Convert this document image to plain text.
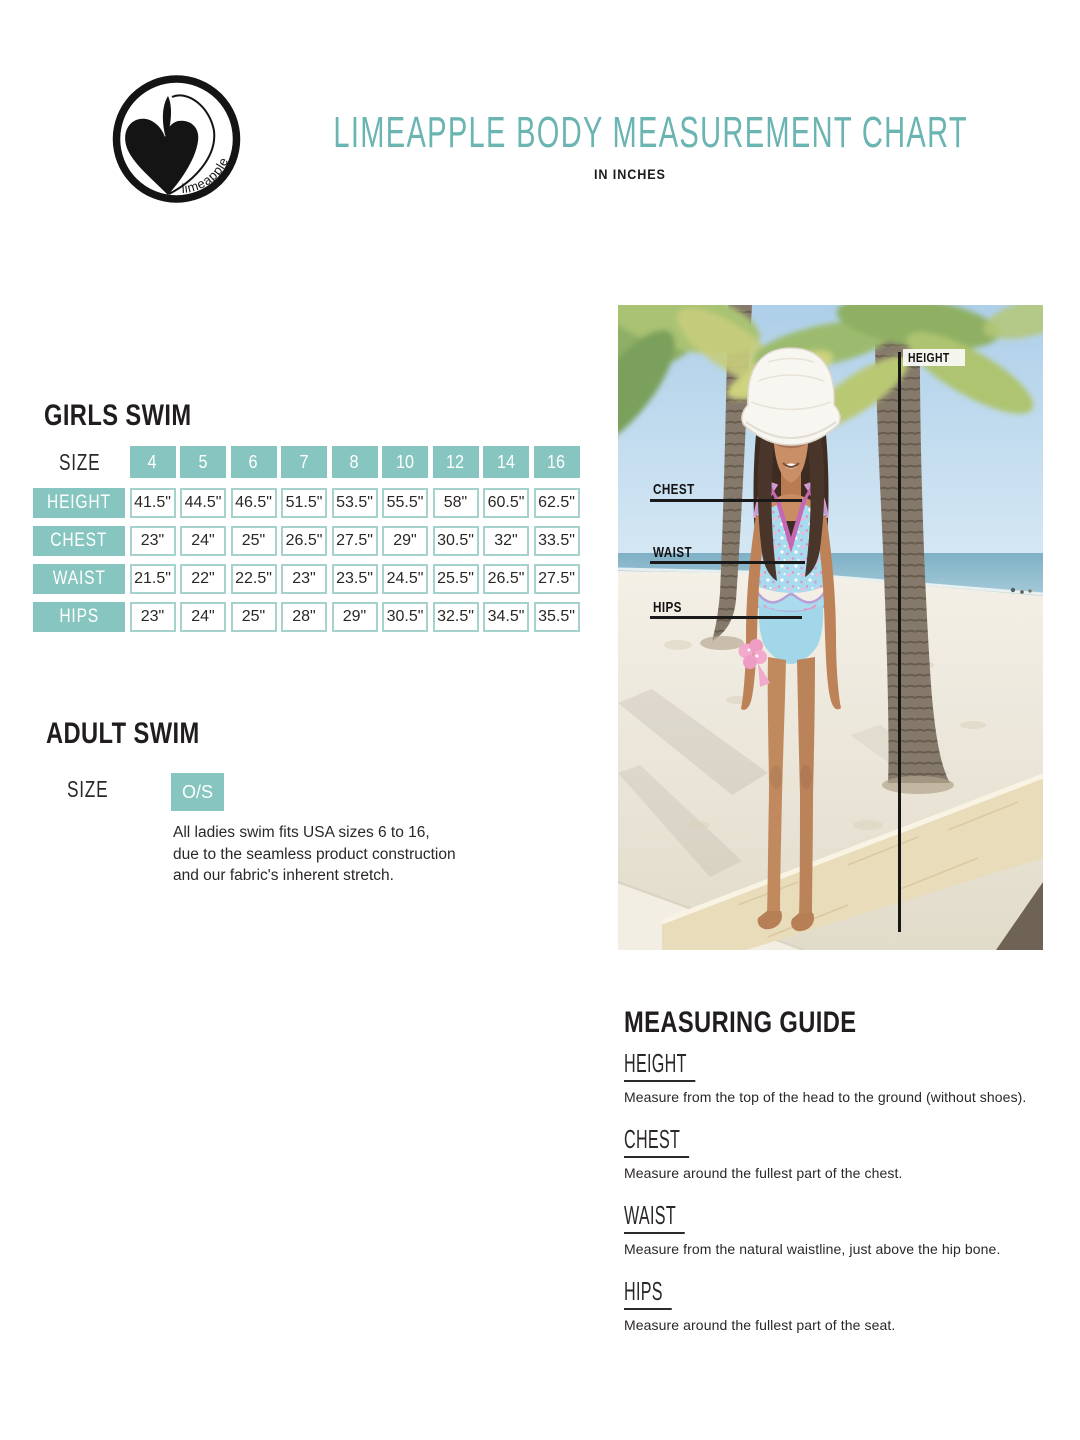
limeapple
LIMEAPPLE BODY MEASUREMENT CHART
IN INCHES
GIRLS SWIM
SIZE	4 5 6 7 8 10 12 14 16
HEIGHT 41.5" 44.5" 46.5" 51.5" 53.5" 55.5"	58"	60.5" 62.5"
CHEST	23"	24"	25"	26.5" 27.5"	29"	30.5"	32"	33.5"
WAIST 21.5"	22"	22.5"	23"	23.5" 24.5" 25.5" 26.5" 27.5"
HIPS	23"	24"	25"	28"	29"	30.5" 32.5" 34.5" 35.5"
ADULT SWIM
SIZE	O/S
All ladies swim fits USA sizes 6 to 16,
due to the seamless product construction
and our fabric's inherent stretch.
HEIGHT
CHEST
WAIST
HIPS
MEASURING GUIDE
HEIGHT
Measure from the top of the head to the ground (without shoes).
CHEST
Measure around the fullest part of the chest.
WAIST
Measure from the natural waistline, just above the hip bone.
HIPS
Measure around the fullest part of the seat.
